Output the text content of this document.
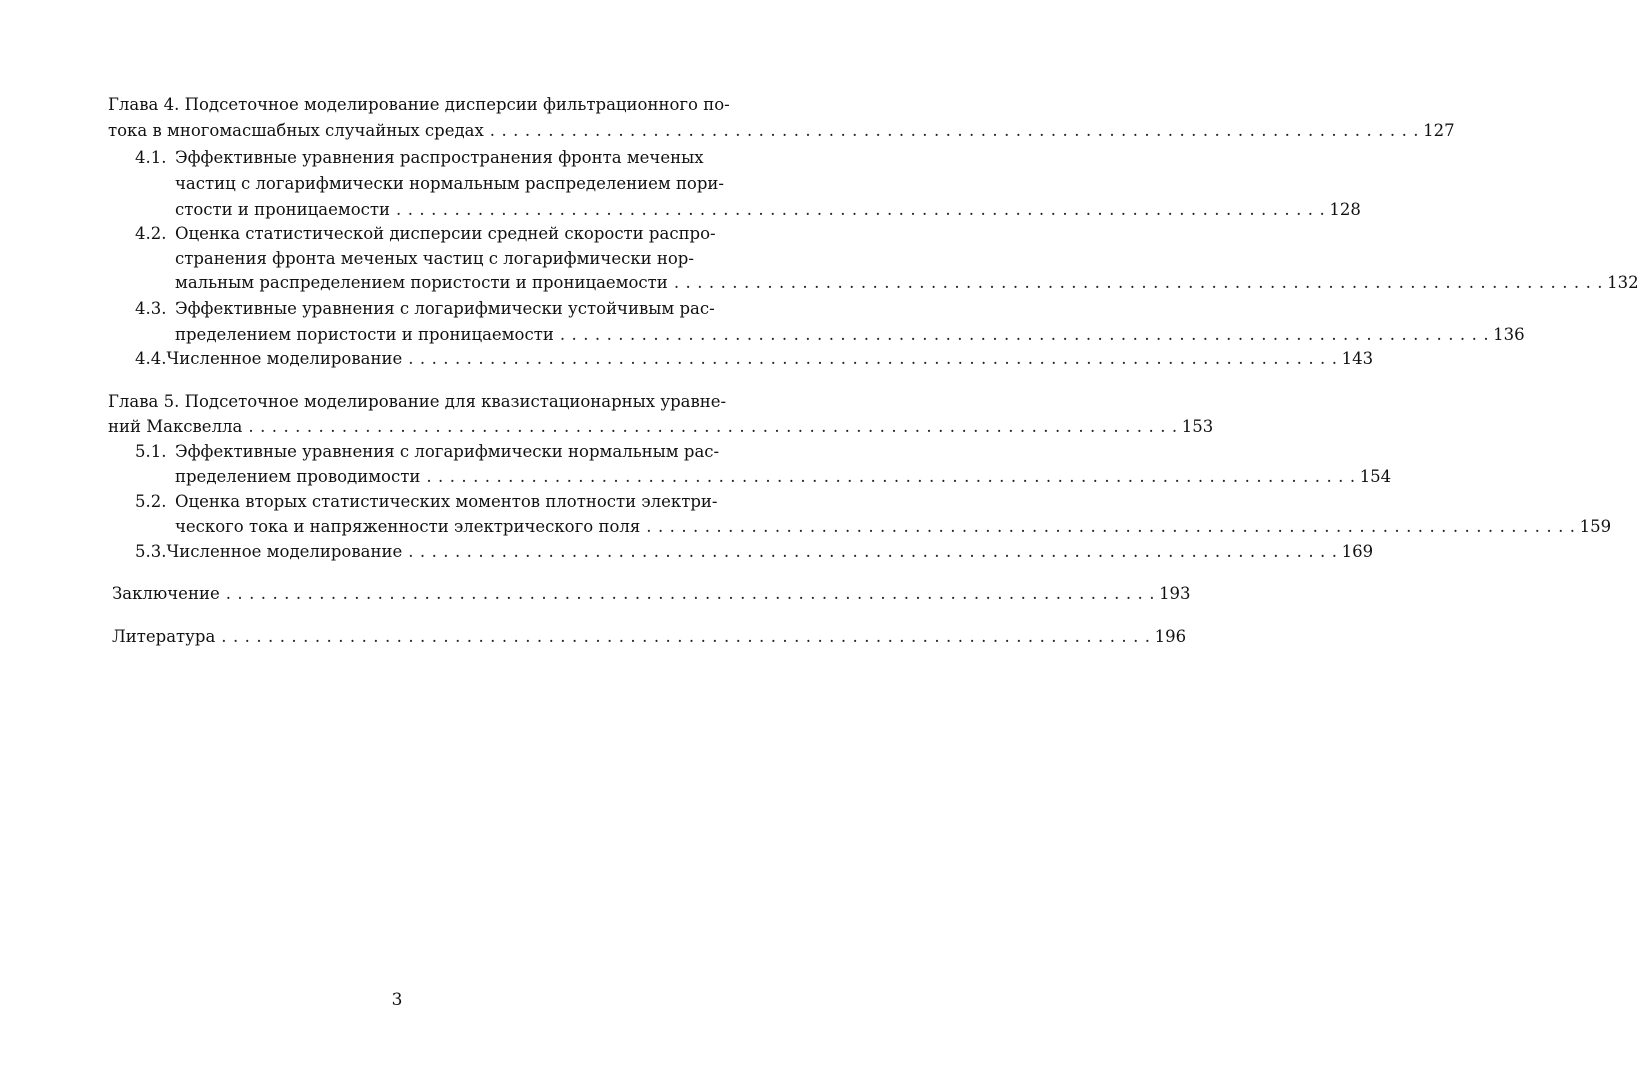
Глава 4. Подсеточное моделирование дисперсии фильтрационного по-
тока в многомасшабных случайных средах . . . . . . . . . . . . . . . . . . . . . . . . . . . . . . . . . . . . . . . . . . . . . . . . . . . . . . . . . . . . . . . . . . . . . . . . . . . . . . . . 127
4.1. Эффективные уравнения распространения фронта меченых
частиц с логарифмически нормальным распределением пори-
стости и проницаемости . . . . . . . . . . . . . . . . . . . . . . . . . . . . . . . . . . . . . . . . . . . . . . . . . . . . . . . . . . . . . . . . . . . . . . . . . . . . . . . . 128
4.2. Оценка статистической дисперсии средней скорости распро-
странения фронта меченых частиц с логарифмически нор-
мальным распределением пористости и проницаемости . . . . . . . . . . . . . . . . . . . . . . . . . . . . . . . . . . . . . . . . . . . . . . . . . . . . . . . . . . . . . . . . . . . . . . . . . . . . . . . . 132
4.3. Эффективные уравнения с логарифмически устойчивым рас-
пределением пористости и проницаемости . . . . . . . . . . . . . . . . . . . . . . . . . . . . . . . . . . . . . . . . . . . . . . . . . . . . . . . . . . . . . . . . . . . . . . . . . . . . . . . . 136
4.4. Численное моделирование . . . . . . . . . . . . . . . . . . . . . . . . . . . . . . . . . . . . . . . . . . . . . . . . . . . . . . . . . . . . . . . . . . . . . . . . . . . . . . . . 143
Глава 5. Подсеточное моделирование для квазистационарных уравне-
ний Максвелла . . . . . . . . . . . . . . . . . . . . . . . . . . . . . . . . . . . . . . . . . . . . . . . . . . . . . . . . . . . . . . . . . . . . . . . . . . . . . . . . 153
5.1. Эффективные уравнения с логарифмически нормальным рас-
пределением проводимости . . . . . . . . . . . . . . . . . . . . . . . . . . . . . . . . . . . . . . . . . . . . . . . . . . . . . . . . . . . . . . . . . . . . . . . . . . . . . . . . 154
5.2. Оценка вторых статистических моментов плотности электри-
ческого тока и напряженности электрического поля . . . . . . . . . . . . . . . . . . . . . . . . . . . . . . . . . . . . . . . . . . . . . . . . . . . . . . . . . . . . . . . . . . . . . . . . . . . . . . . . 159
5.3. Численное моделирование . . . . . . . . . . . . . . . . . . . . . . . . . . . . . . . . . . . . . . . . . . . . . . . . . . . . . . . . . . . . . . . . . . . . . . . . . . . . . . . . 169
Заключение . . . . . . . . . . . . . . . . . . . . . . . . . . . . . . . . . . . . . . . . . . . . . . . . . . . . . . . . . . . . . . . . . . . . . . . . . . . . . . . . 193
Литература . . . . . . . . . . . . . . . . . . . . . . . . . . . . . . . . . . . . . . . . . . . . . . . . . . . . . . . . . . . . . . . . . . . . . . . . . . . . . . . . 196
3
